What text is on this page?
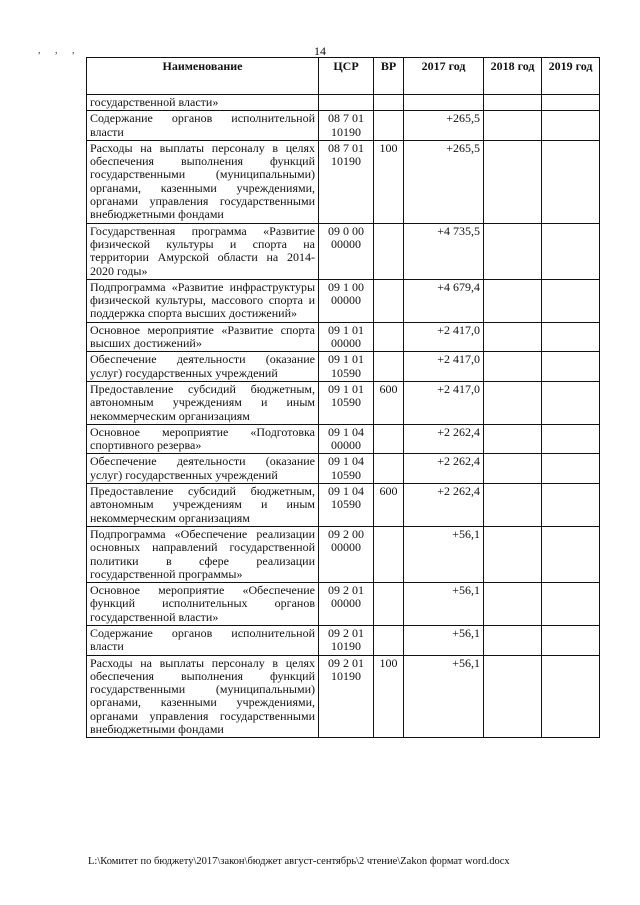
, , ,	14
Наименование	ЦСР	ВР	2017 год	2018 год	2019 год
государственной власти»					
Содержание органов исполнительной власти	08 7 01 10190		+265,5		
Расходы на выплаты персоналу в целях обеспечения выполнения функций государственными (муниципальными) органами, казенными учреждениями, органами управления государственными внебюджетными фондами	08 7 01 10190	100	+265,5		
Государственная программа «Развитие физической культуры и спорта на территории Амурской области на 2014-2020 годы»	09 0 00 00000		+4 735,5		
Подпрограмма «Развитие инфраструктуры физической культуры, массового спорта и поддержка спорта высших достижений»	09 1 00 00000		+4 679,4		
Основное мероприятие «Развитие спорта высших достижений»	09 1 01 00000		+2 417,0		
Обеспечение деятельности (оказание услуг) государственных учреждений	09 1 01 10590		+2 417,0		
Предоставление субсидий бюджетным, автономным учреждениям и иным некоммерческим организациям	09 1 01 10590	600	+2 417,0		
Основное мероприятие «Подготовка спортивного резерва»	09 1 04 00000		+2 262,4		
Обеспечение деятельности (оказание услуг) государственных учреждений	09 1 04 10590		+2 262,4		
Предоставление субсидий бюджетным, автономным учреждениям и иным некоммерческим организациям	09 1 04 10590	600	+2 262,4		
Подпрограмма «Обеспечение реализации основных направлений государственной политики в сфере реализации государственной программы»	09 2 00 00000		+56,1		
Основное мероприятие «Обеспечение функций исполнительных органов государственной власти»	09 2 01 00000		+56,1		
Содержание органов исполнительной власти	09 2 01 10190		+56,1		
Расходы на выплаты персоналу в целях обеспечения выполнения функций государственными (муниципальными) органами, казенными учреждениями, органами управления государственными внебюджетными фондами	09 2 01 10190	100	+56,1		
L:\Комитет по бюджету\2017\закон\бюджет август-сентябрь\2 чтение\Zakon формат word.docx
